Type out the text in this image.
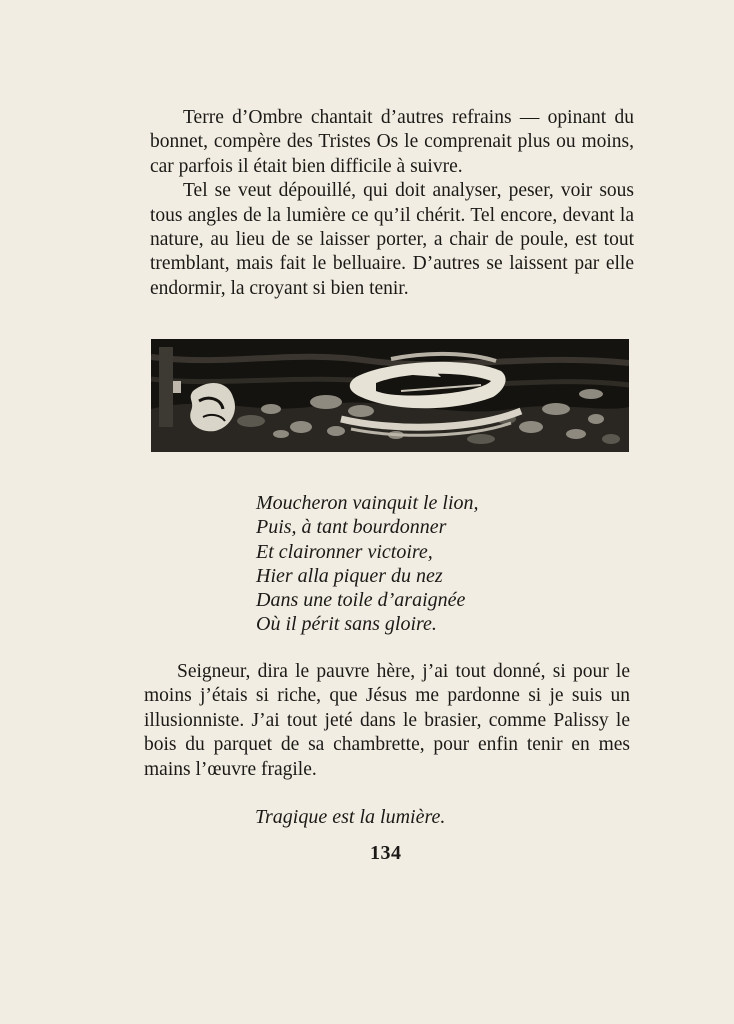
Terre d’Ombre chantait d’autres refrains — opinant du bonnet, compère des Tristes Os le comprenait plus ou moins, car parfois il était bien difficile à suivre.

Tel se veut dépouillé, qui doit analyser, peser, voir sous tous angles de la lumière ce qu’il chérit. Tel encore, devant la nature, au lieu de se laisser porter, a chair de poule, est tout tremblant, mais fait le belluaire. D’autres se laissent par elle endormir, la croyant si bien tenir.

Moucheron vainquit le lion,
Puis, à tant bourdonner
Et claironner victoire,
Hier alla piquer du nez
Dans une toile d’araignée
Où il périt sans gloire.

Seigneur, dira le pauvre hère, j’ai tout donné, si pour le moins j’étais si riche, que Jésus me pardonne si je suis un illusionniste. J’ai tout jeté dans le brasier, comme Palissy le bois du parquet de sa chambrette, pour enfin tenir en mes mains l’œuvre fragile.

Tragique est la lumière.
134
